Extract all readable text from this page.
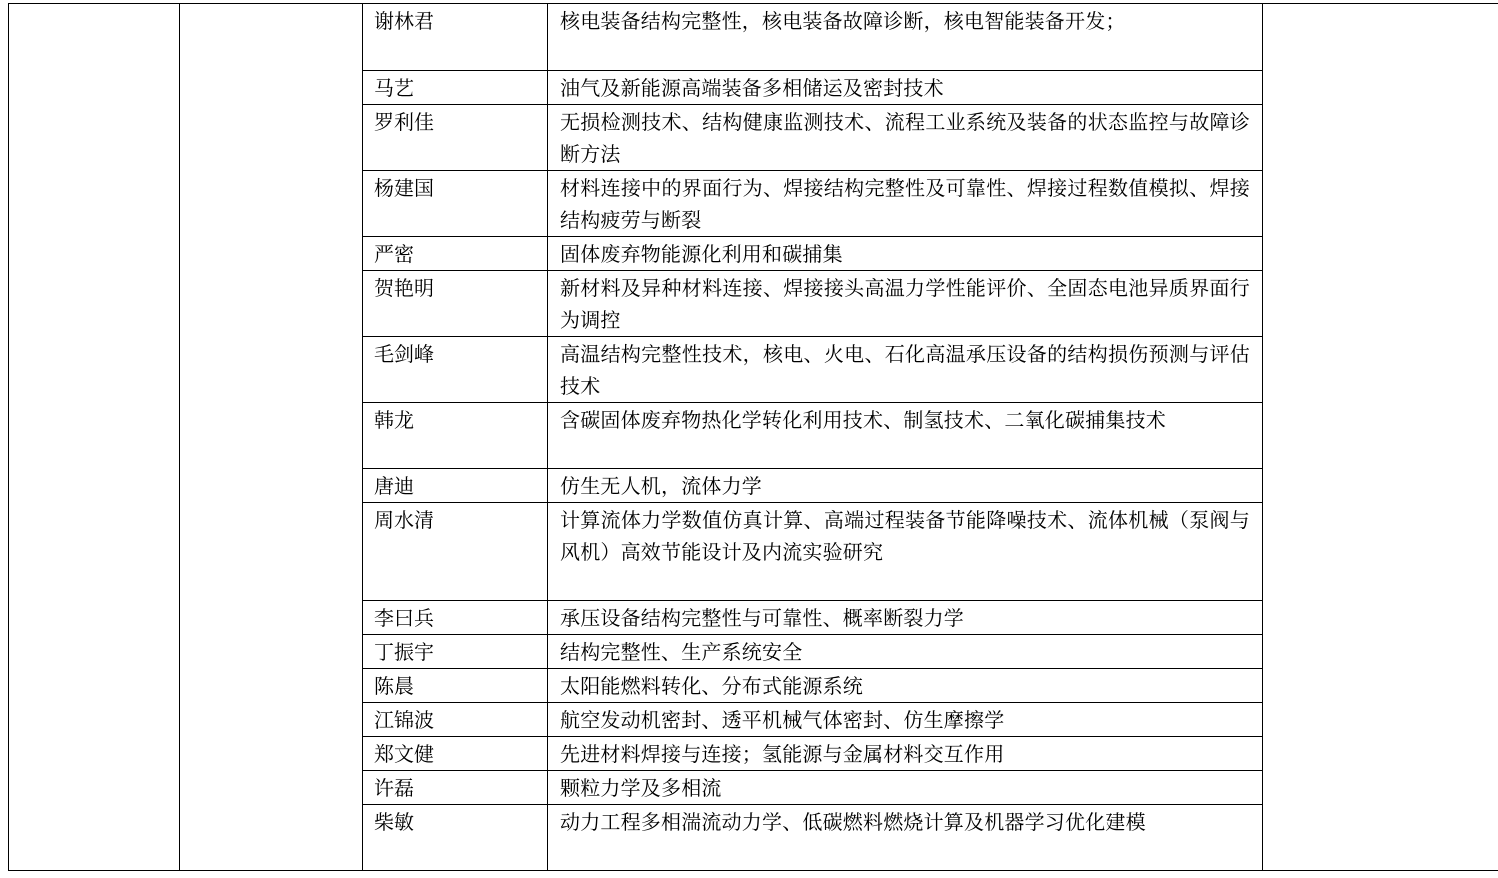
谢林君	核电装备结构完整性，核电装备故障诊断，核电智能装备开发；
马艺	油气及新能源高端装备多相储运及密封技术
罗利佳	无损检测技术、结构健康监测技术、流程工业系统及装备的状态监控与故障诊断方法
杨建国	材料连接中的界面行为、焊接结构完整性及可靠性、焊接过程数值模拟、焊接结构疲劳与断裂
严密	固体废弃物能源化利用和碳捕集
贺艳明	新材料及异种材料连接、焊接接头高温力学性能评价、全固态电池异质界面行为调控
毛剑峰	高温结构完整性技术，核电、火电、石化高温承压设备的结构损伤预测与评估技术
韩龙	含碳固体废弃物热化学转化利用技术、制氢技术、二氧化碳捕集技术
唐迪	仿生无人机，流体力学
周水清	计算流体力学数值仿真计算、高端过程装备节能降噪技术、流体机械（泵阀与风机）高效节能设计及内流实验研究
李曰兵	承压设备结构完整性与可靠性、概率断裂力学
丁振宇	结构完整性、生产系统安全
陈晨	太阳能燃料转化、分布式能源系统
江锦波	航空发动机密封、透平机械气体密封、仿生摩擦学
郑文健	先进材料焊接与连接；氢能源与金属材料交互作用
许磊	颗粒力学及多相流
柴敏	动力工程多相湍流动力学、低碳燃料燃烧计算及机器学习优化建模
